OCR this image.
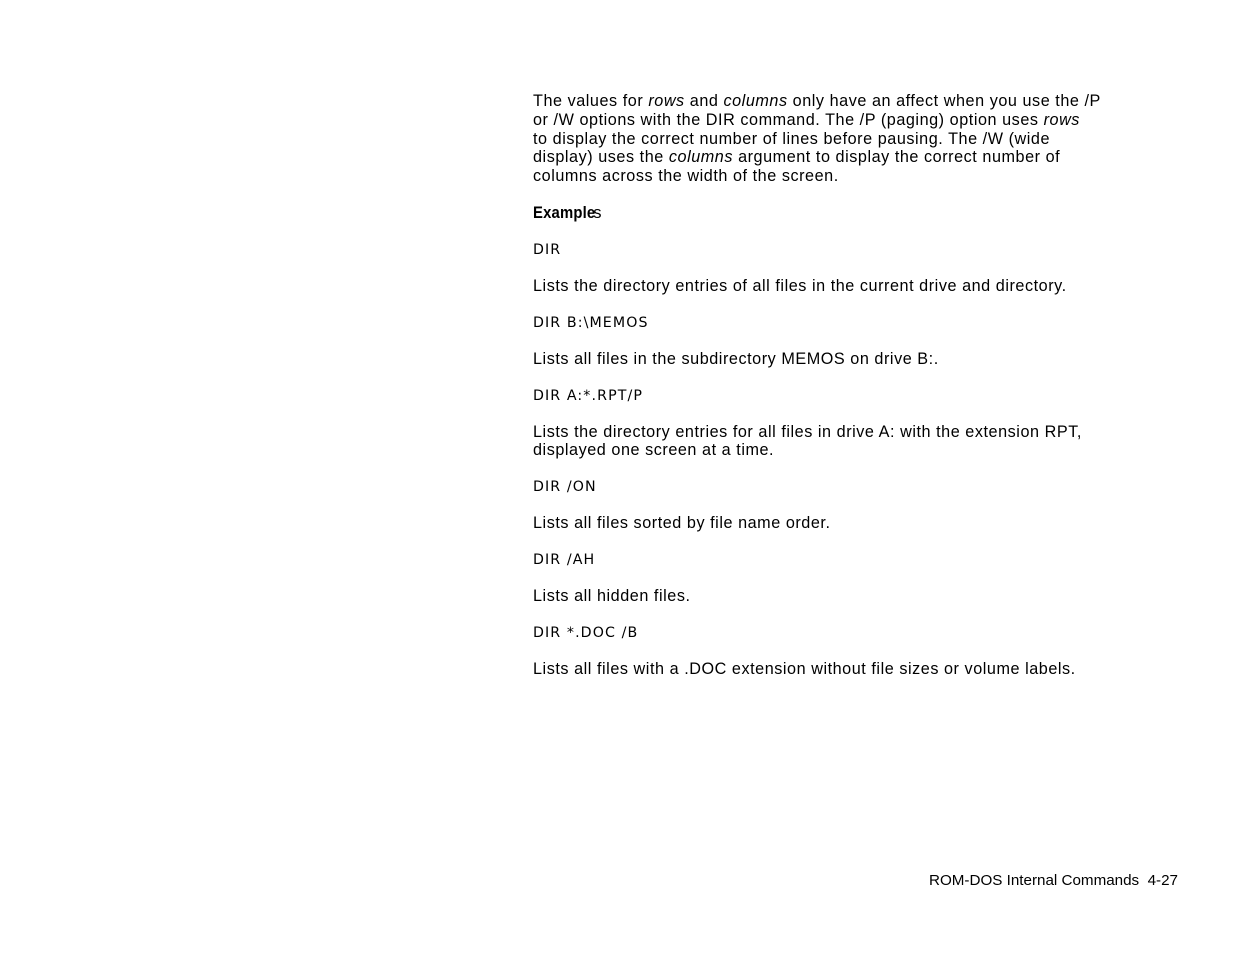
The values for rows and columns only have an affect when you use the /P
or /W options with the DIR command. The /P (paging) option uses rows
to display the correct number of lines before pausing. The /W (wide
display) uses the columns argument to display the correct number of
columns across the width of the screen.

Examples

DIR

Lists the directory entries of all files in the current drive and directory.

DIR B:\MEMOS

Lists all files in the subdirectory MEMOS on drive B:.

DIR A:*.RPT/P

Lists the directory entries for all files in drive A: with the extension RPT,
displayed one screen at a time.

DIR /ON

Lists all files sorted by file name order.

DIR /AH

Lists all hidden files.

DIR *.DOC /B

Lists all files with a .DOC extension without file sizes or volume labels.

ROM-DOS Internal Commands  4-27
